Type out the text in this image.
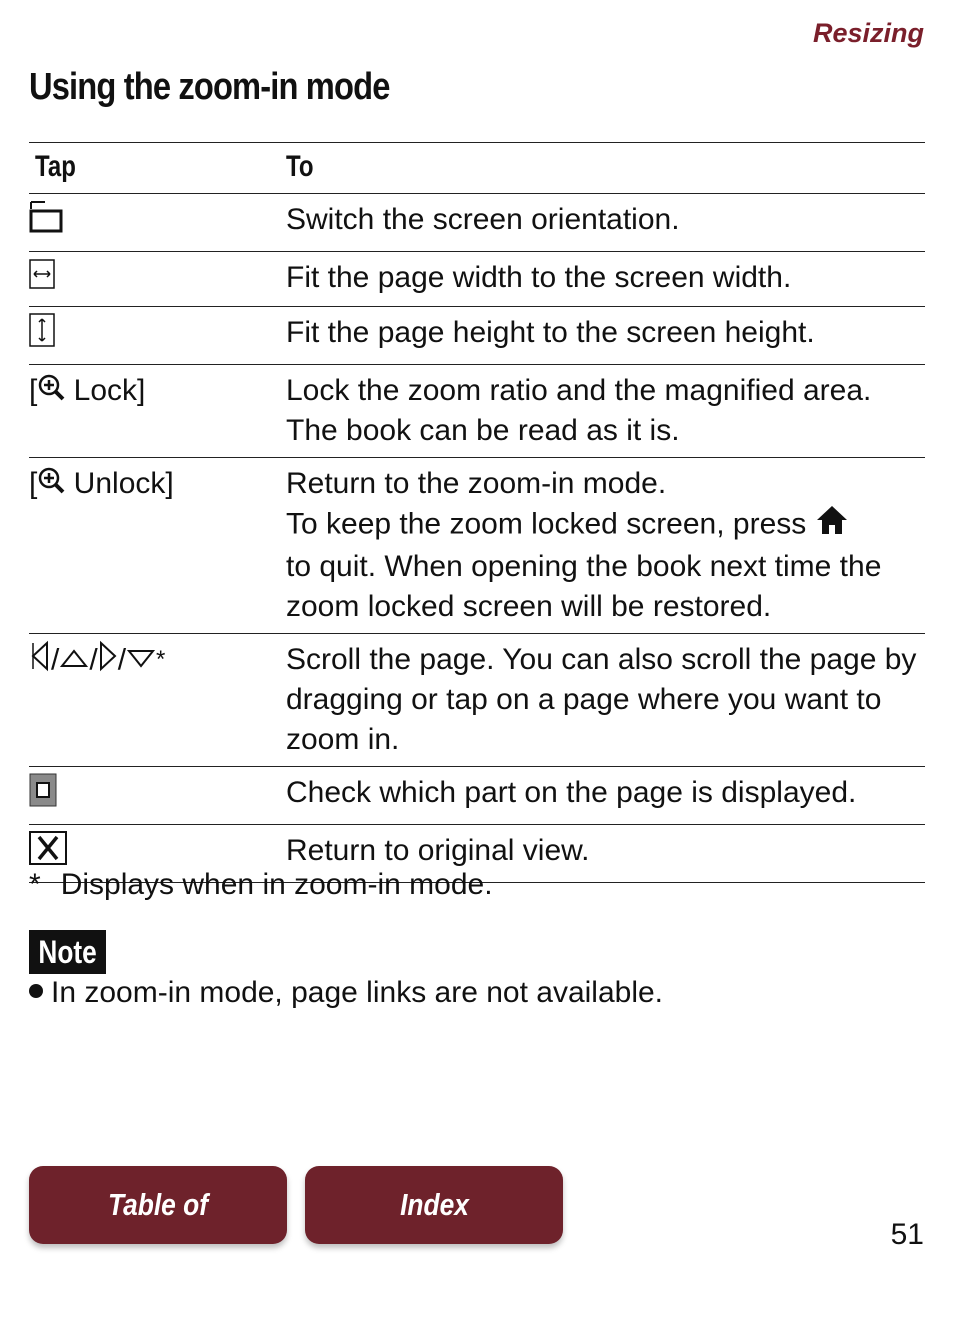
Resizing
Using the zoom-in mode
Tap	To
	Switch the screen orientation.
	Fit the page width to the screen width.
	Fit the page height to the screen height.
[ Lock]	Lock the zoom ratio and the magnified area. The book can be read as it is.
[ Unlock]	Return to the zoom-in mode.
To keep the zoom locked screen, press
to quit. When opening the book next time the zoom locked screen will be restored.

/ / / *	Scroll the page. You can also scroll the page by dragging or tap on a page where you want to zoom in.
	Check which part on the page is displayed.
	Return to original view.
* Displays when in zoom-in mode.
Note
In zoom-in mode, page links are not available.
Table of Contents
Index
51
